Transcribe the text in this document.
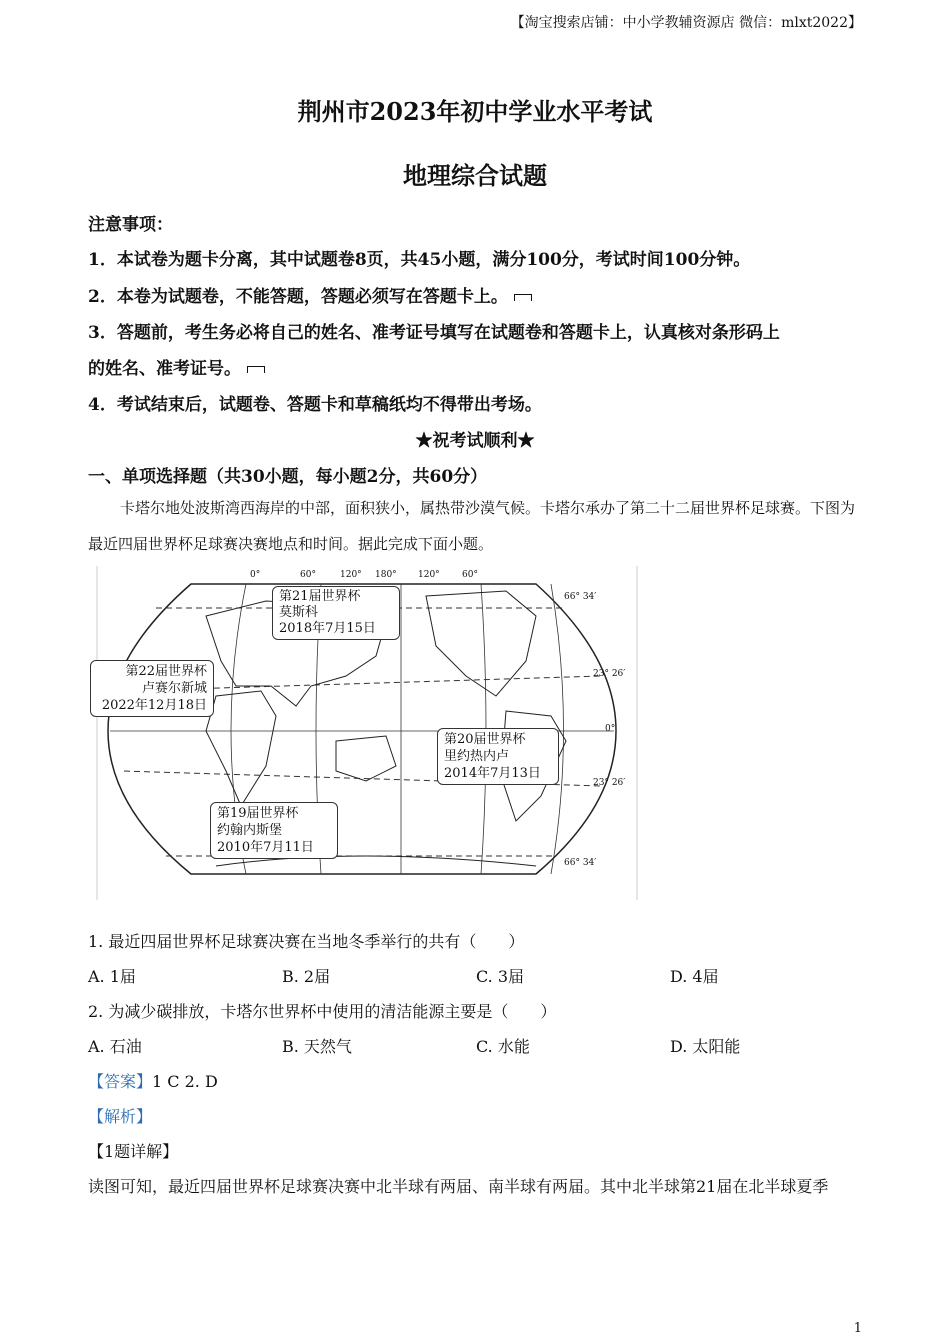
【淘宝搜索店铺：中小学教辅资源店 微信：mlxt2022】
荆州市2023年初中学业水平考试
地理综合试题
注意事项：
1．本试卷为题卡分离，其中试题卷8页，共45小题，满分100分，考试时间100分钟。
2．本卷为试题卷，不能答题，答题必须写在答题卡上。
3．答题前，考生务必将自己的姓名、准考证号填写在试题卷和答题卡上，认真核对条形码上
的姓名、准考证号。
4．考试结束后，试题卷、答题卡和草稿纸均不得带出考场。
★祝考试顺利★
一、单项选择题（共30小题，每小题2分，共60分）
卡塔尔地处波斯湾西海岸的中部，面积狭小，属热带沙漠气候。卡塔尔承办了第二十二届世界杯足球赛。下图为最近四届世界杯足球赛决赛地点和时间。据此完成下面小题。
0°	60°	120° 180° 120° 60°
66° 34′
23° 26′
0°
23° 26′
66° 34′
第21届世界杯
莫斯科
2018年7月15日
第22届世界杯
卢赛尔新城
2022年12月18日
第20届世界杯
里约热内卢
2014年7月13日
第19届世界杯
约翰内斯堡
2010年7月11日
1. 最近四届世界杯足球赛决赛在当地冬季举行的共有（　　）
A. 1届	B. 2届	C. 3届	D. 4届
2. 为减少碳排放，卡塔尔世界杯中使用的清洁能源主要是（　　）
A. 石油	B. 天然气	C. 水能	D. 太阳能
【答案】1 C 2. D
【解析】
【1题详解】
读图可知，最近四届世界杯足球赛决赛中北半球有两届、南半球有两届。其中北半球第21届在北半球夏季
1
